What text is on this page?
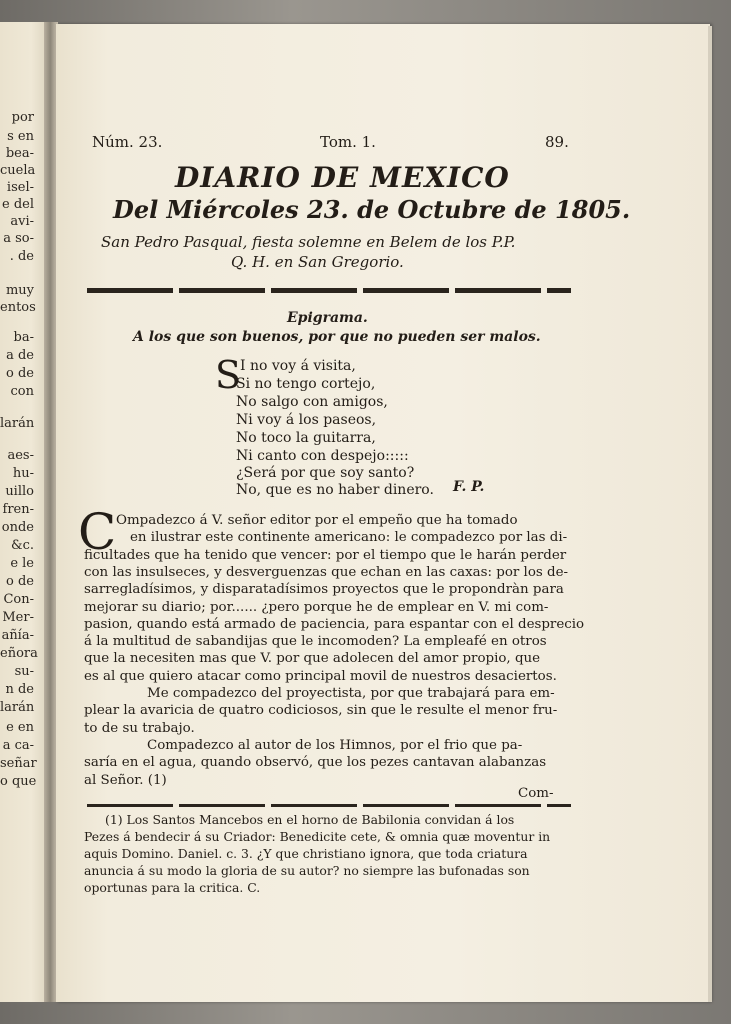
por
s en
bea-
cuela
isel-
e del
avi-
a so-
. de
muy
entos
ba-
a de
o de
con
larán
aes-
hu-
uillo
fren-
onde
&c.
e le
o de
Con-
Mer-
añía-
eñora
su-
n de
larán
e en
a ca-
señar
o que
Núm. 23.	Tom. 1.	89.
DIARIO DE MEXICO
Del Miércoles 23. de Octubre de 1805.
San Pedro Pasqual, fiesta solemne en Belem de los P.P.
Q. H. en San Gregorio.
Epigrama.
A los que son buenos, por que no pueden ser malos.
S
I no voy á visita,
Si no tengo cortejo,
No salgo con amigos,
Ni voy á los paseos,
No toco la guitarra,
Ni canto con despejo:::::
¿Será por que soy santo?
No, que es no haber dinero. F. P.
C Ompadezco á V. señor editor por el empeño que ha tomado
en ilustrar este continente americano: le compadezco por las di-
ficultades que ha tenido que vencer: por el tiempo que le harán perder
con las insulseces, y desverguenzas que echan en las caxas: por los de-
sarregladísimos, y disparatadísimos proyectos que le propondràn para
mejorar su diario; por...... ¿pero porque he de emplear en V. mi com-
pasion, quando está armado de paciencia, para espantar con el desprecio
á la multitud de sabandijas que le incomoden? La empleafé en otros
que la necesiten mas que V. por que adolecen del amor propio, que
es al que quiero atacar como principal movil de nuestros desaciertos.
Me compadezco del proyectista, por que trabajará para em-
plear la avaricia de quatro codiciosos, sin que le resulte el menor fru-
to de su trabajo.
Compadezco al autor de los Himnos, por el frio que pa-
saría en el agua, quando observó, que los pezes cantavan alabanzas
al Señor. (1)
Com-
(1) Los Santos Mancebos en el horno de Babilonia convidan á los
Pezes á bendecir á su Criador: Benedicite cete, & omnia quæ moventur in
aquis Domino. Daniel. c. 3. ¿Y que christiano ignora, que toda criatura
anuncia á su modo la gloria de su autor? no siempre las bufonadas son
oportunas para la critica. C.
